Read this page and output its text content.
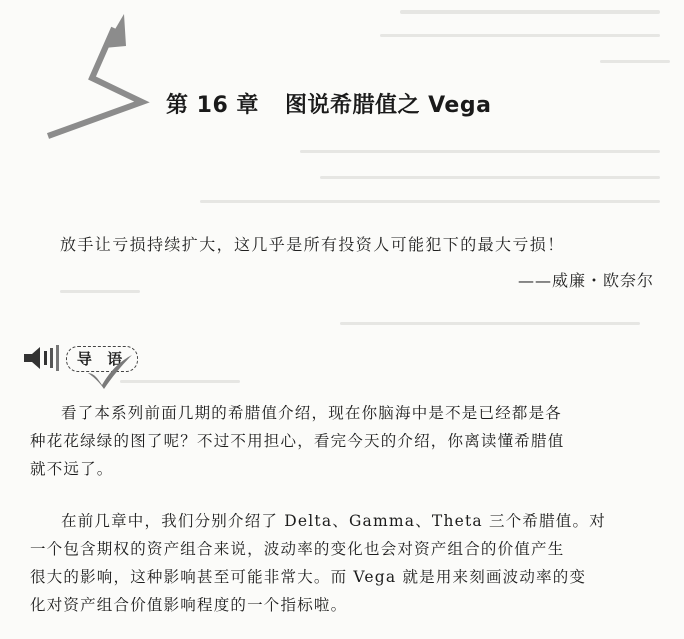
第 16 章 图说希腊值之 Vega
放手让亏损持续扩大，这几乎是所有投资人可能犯下的最大亏损！
——威廉・欧奈尔
导 语
看了本系列前面几期的希腊值介绍，现在你脑海中是不是已经都是各
种花花绿绿的图了呢？不过不用担心，看完今天的介绍，你离读懂希腊值
就不远了。
在前几章中，我们分别介绍了 Delta、Gamma、Theta 三个希腊值。对
一个包含期权的资产组合来说，波动率的变化也会对资产组合的价值产生
很大的影响，这种影响甚至可能非常大。而 Vega 就是用来刻画波动率的变
化对资产组合价值影响程度的一个指标啦。
